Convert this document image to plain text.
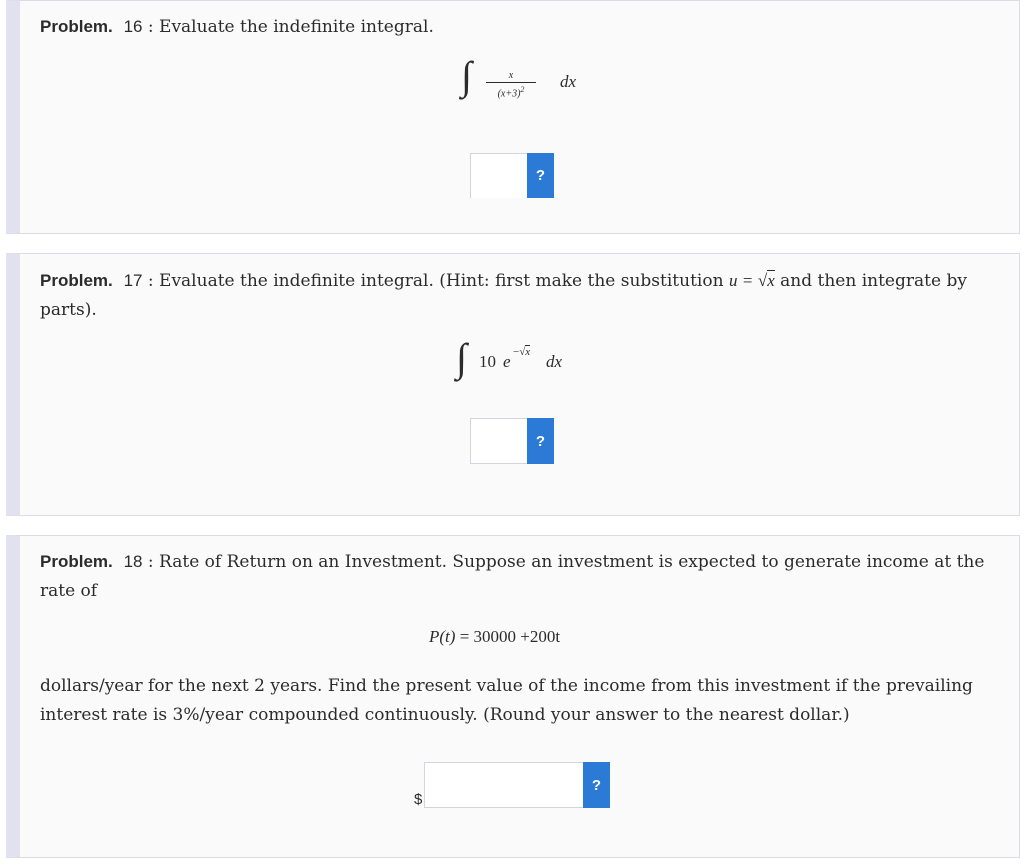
Problem. 16 : Evaluate the indefinite integral.
∫	x
$(x+3)^2$	dx
?
Problem. 17 : Evaluate the indefinite integral. (Hint: first make the substitution u = √x and then integrate by parts).
∫ 10 e −√x dx
?
Problem. 18 : Rate of Return on an Investment. Suppose an investment is expected to generate income at the rate of
P(t) = 30000 +200t
dollars/year for the next 2 years. Find the present value of the income from this investment if the prevailing interest rate is 3%/year compounded continuously. (Round your answer to the nearest dollar.)
$
?
